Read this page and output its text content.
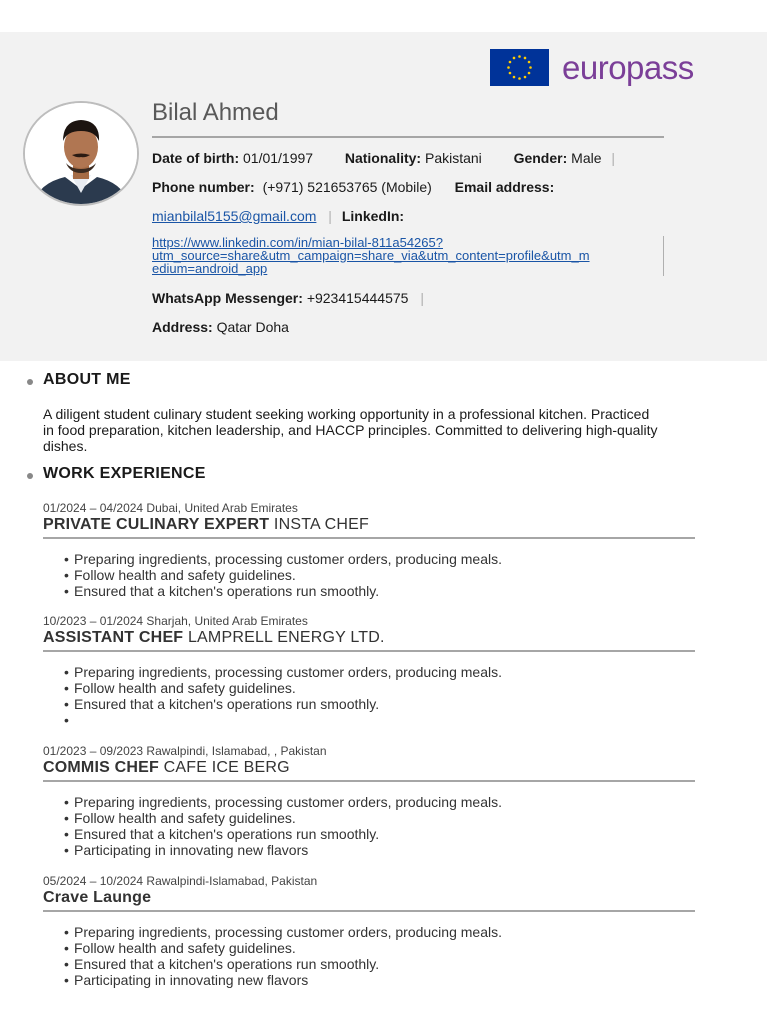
europass
Bilal Ahmed
Date of birth: 01/01/1997 Nationality: Pakistani Gender: Male |
Phone number: (+971) 521653765 (Mobile) Email address:
mianbilal5155@gmail.com | LinkedIn:
https://www.linkedin.com/in/mian-bilal-811a54265?
utm_source=share&utm_campaign=share_via&utm_content=profile&utm_m
edium=android_app
WhatsApp Messenger: +923415444575 |
Address: Qatar Doha
ABOUT ME
A diligent student culinary student seeking working opportunity in a professional kitchen. Practiced in food preparation, kitchen leadership, and HACCP principles. Committed to delivering high-quality dishes.
WORK EXPERIENCE
01/2024 – 04/2024 Dubai, United Arab Emirates
PRIVATE CULINARY EXPERT INSTA CHEF
• Preparing ingredients, processing customer orders, producing meals.
• Follow health and safety guidelines.
• Ensured that a kitchen's operations run smoothly.
10/2023 – 01/2024 Sharjah, United Arab Emirates
ASSISTANT CHEF LAMPRELL ENERGY LTD.
• Preparing ingredients, processing customer orders, producing meals.
• Follow health and safety guidelines.
• Ensured that a kitchen's operations run smoothly.
•
01/2023 – 09/2023 Rawalpindi, Islamabad, , Pakistan
COMMIS CHEF CAFE ICE BERG
• Preparing ingredients, processing customer orders, producing meals.
• Follow health and safety guidelines.
• Ensured that a kitchen's operations run smoothly.
• Participating in innovating new flavors
05/2024 – 10/2024 Rawalpindi-Islamabad, Pakistan
Crave Launge
• Preparing ingredients, processing customer orders, producing meals.
• Follow health and safety guidelines.
• Ensured that a kitchen's operations run smoothly.
• Participating in innovating new flavors
